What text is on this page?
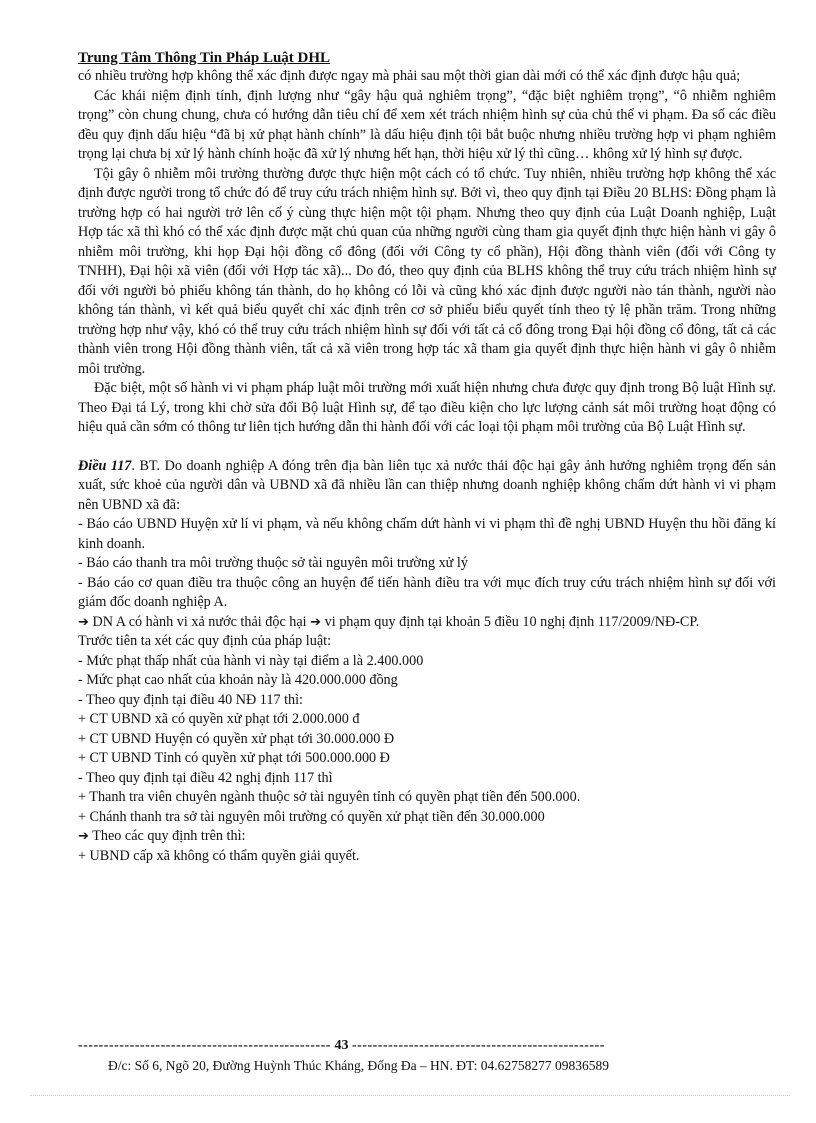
Trung Tâm Thông Tin Pháp Luật DHL

có nhiều trường hợp không thể xác định được ngay mà phải sau một thời gian dài mới có thể xác định được hậu quả;

Các khái niệm định tính, định lượng như “gây hậu quả nghiêm trọng”, “đặc biệt nghiêm trọng”, “ô nhiễm nghiêm trọng” còn chung chung, chưa có hướng dẫn tiêu chí để xem xét trách nhiệm hình sự của chủ thể vi phạm. Đa số các điều đều quy định dấu hiệu “đã bị xử phạt hành chính” là dấu hiệu định tội bắt buộc nhưng nhiều trường hợp vi phạm nghiêm trọng lại chưa bị xử lý hành chính hoặc đã xử lý nhưng hết hạn, thời hiệu xử lý thì cũng… không xử lý hình sự được.

Tội gây ô nhiễm môi trường thường được thực hiện một cách có tổ chức. Tuy nhiên, nhiều trường hợp không thể xác định được người trong tổ chức đó để truy cứu trách nhiệm hình sự. Bởi vì, theo quy định tại Điều 20 BLHS: Đồng phạm là trường hợp có hai người trở lên cố ý cùng thực hiện một tội phạm. Nhưng theo quy định của Luật Doanh nghiệp, Luật Hợp tác xã thì khó có thể xác định được mặt chủ quan của những người cùng tham gia quyết định thực hiện hành vi gây ô nhiễm môi trường, khi họp Đại hội đồng cổ đông (đối với Công ty cổ phần), Hội đồng thành viên (đối với Công ty TNHH), Đại hội xã viên (đối với Hợp tác xã)... Do đó, theo quy định của BLHS không thể truy cứu trách nhiệm hình sự đối với người bỏ phiếu không tán thành, do họ không có lỗi và cũng khó xác định được người nào tán thành, người nào không tán thành, vì kết quả biểu quyết chỉ xác định trên cơ sở phiếu biểu quyết tính theo tỷ lệ phần trăm. Trong những trường hợp như vậy, khó có thể truy cứu trách nhiệm hình sự đối với tất cả cổ đông trong Đại hội đồng cổ đông, tất cả các thành viên trong Hội đồng thành viên, tất cả xã viên trong hợp tác xã tham gia quyết định thực hiện hành vi gây ô nhiễm môi trường.

Đặc biệt, một số hành vi vi phạm pháp luật môi trường mới xuất hiện nhưng chưa được quy định trong Bộ luật Hình sự. Theo Đại tá Lý, trong khi chờ sửa đổi Bộ luật Hình sự, để tạo điều kiện cho lực lượng cảnh sát môi trường hoạt động có hiệu quả cần sớm có thông tư liên tịch hướng dẫn thi hành đối với các loại tội phạm môi trường của Bộ Luật Hình sự.

Điều 117. BT. Do doanh nghiệp A đóng trên địa bàn liên tục xả nước thải độc hại gây ảnh hưởng nghiêm trọng đến sản xuất, sức khoẻ của người dân và UBND xã đã nhiều lần can thiệp nhưng doanh nghiệp không chấm dứt hành vi vi phạm nên UBND xã đã:

- Báo cáo UBND Huyện xử lí vi phạm, và nếu không chấm dứt hành vi vi phạm thì đề nghị UBND Huyện thu hồi đăng kí kinh doanh.

- Báo cáo thanh tra môi trường thuộc sở tài nguyên môi trường xử lý

- Báo cáo cơ quan điều tra thuộc công an huyện để tiến hành điều tra với mục đích truy cứu trách nhiệm hình sự đối với giám đốc doanh nghiệp A.

➔ DN A có hành vi xả nước thải độc hại ➔ vi phạm quy định tại khoản 5 điều 10 nghị định 117/2009/NĐ-CP.

Trước tiên ta xét các quy định của pháp luật:

- Mức phạt thấp nhất của hành vi này tại điểm a là 2.400.000

- Mức phạt cao nhất của khoản này là 420.000.000 đồng

- Theo quy định tại điều 40 NĐ 117 thì:

+ CT UBND xã có quyền xử phạt tới 2.000.000 đ

+ CT UBND Huyện có quyền xử phạt tới 30.000.000 Đ

+ CT UBND Tỉnh có quyền xử phạt tới 500.000.000 Đ

- Theo quy định tại điều 42 nghị định 117 thì

+ Thanh tra viên chuyên ngành thuộc sở tài nguyên tỉnh có quyền phạt tiền đến 500.000.

+ Chánh thanh tra sở tài nguyên môi trường có quyền xử phạt tiền đến 30.000.000

➔ Theo các quy định trên thì:

+ UBND cấp xã không có thẩm quyền giải quyết.

------------------------------------------------- 43 -------------------------------------------------
Đ/c: Số 6, Ngõ 20, Đường Huỳnh Thúc Kháng, Đống Đa – HN. ĐT: 04.62758277 09836589
